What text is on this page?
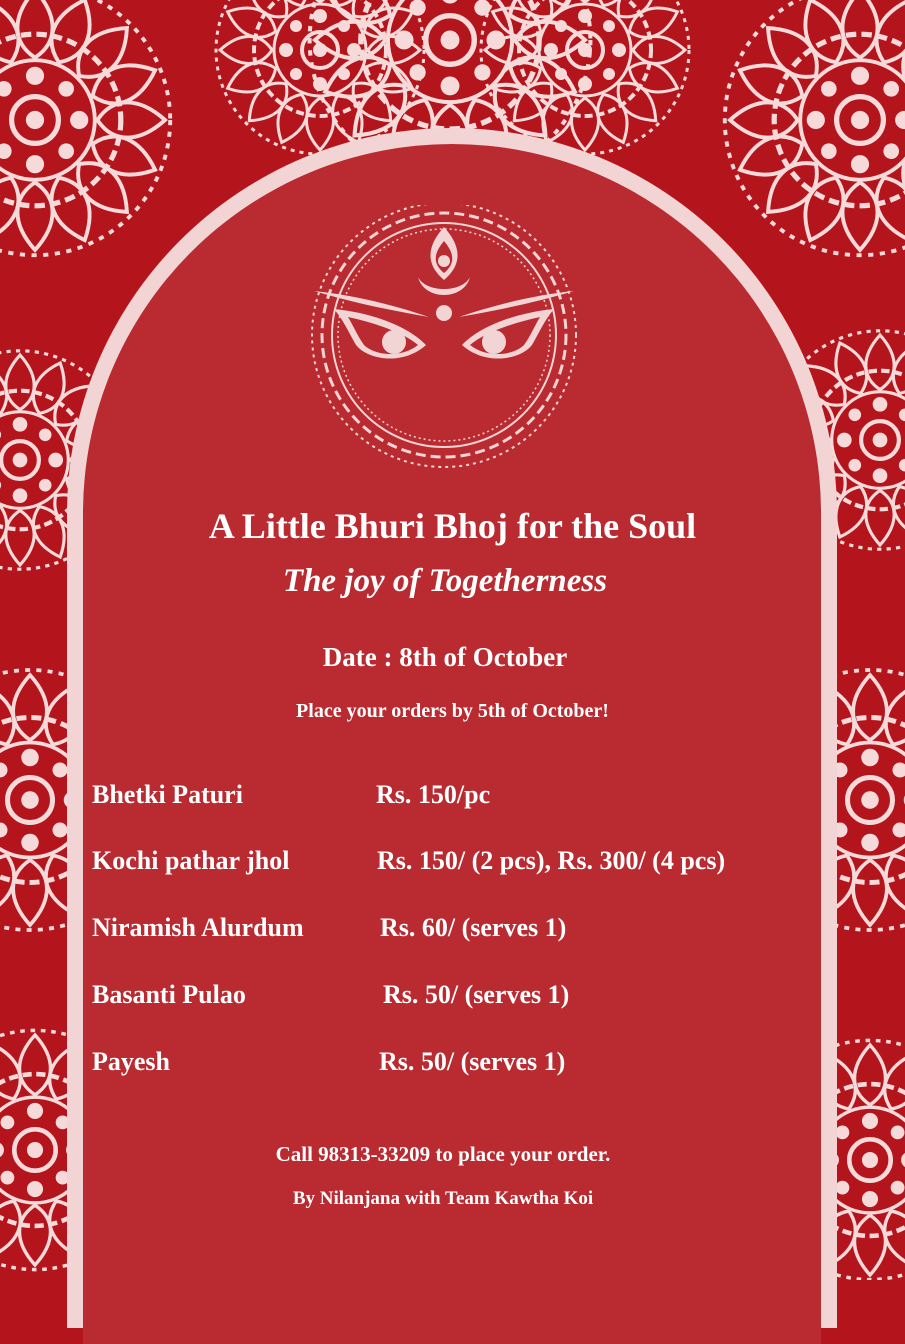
A Little Bhuri Bhoj for the Soul
The joy of Togetherness
Date : 8th of October
Place your orders by 5th of October!
Bhetki Paturi	Rs. 150/pc
Kochi pathar jhol	Rs. 150/ (2 pcs), Rs. 300/ (4 pcs)
Niramish Alurdum	Rs. 60/ (serves 1)
Basanti Pulao	Rs. 50/ (serves 1)
Payesh	Rs. 50/ (serves 1)
Call 98313-33209 to place your order.
By Nilanjana with Team Kawtha Koi
